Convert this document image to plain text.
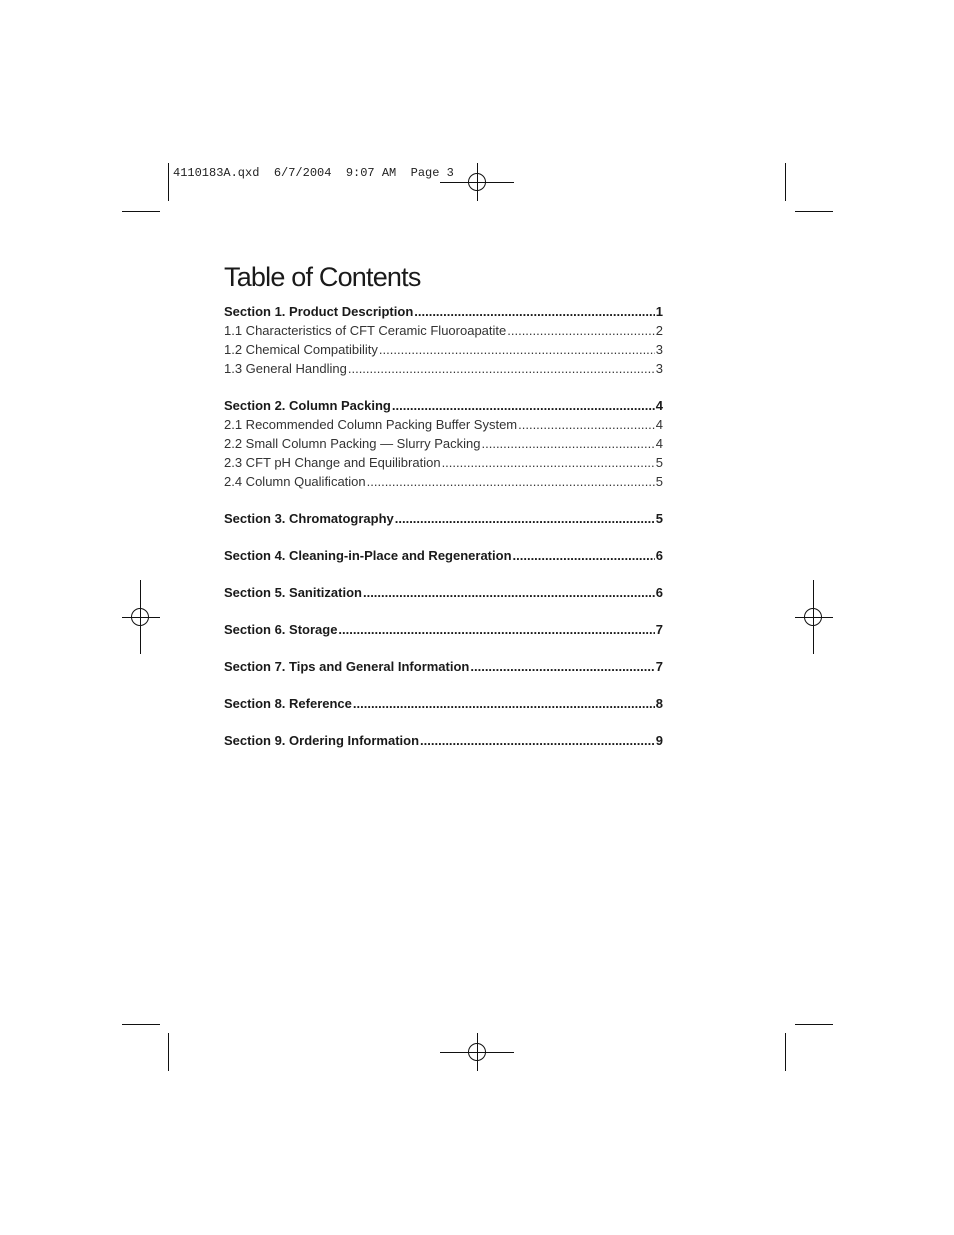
4110183A.qxd  6/7/2004  9:07 AM  Page 3
Table of Contents
Section 1. Product Description .....	1
1.1 Characteristics of CFT Ceramic Fluoroapatite .....	2
1.2 Chemical Compatibility .....	3
1.3 General Handling .....	3
Section 2. Column Packing .....	4
2.1 Recommended Column Packing Buffer System .....	4
2.2 Small Column Packing — Slurry Packing .....	4
2.3 CFT pH Change and Equilibration .....	5
2.4 Column Qualification .....	5
Section 3. Chromatography .....	5
Section 4. Cleaning-in-Place and Regeneration .....	6
Section 5. Sanitization .....	6
Section 6. Storage .....	7
Section 7. Tips and General Information .....	7
Section 8. Reference .....	8
Section 9. Ordering Information .....	9
